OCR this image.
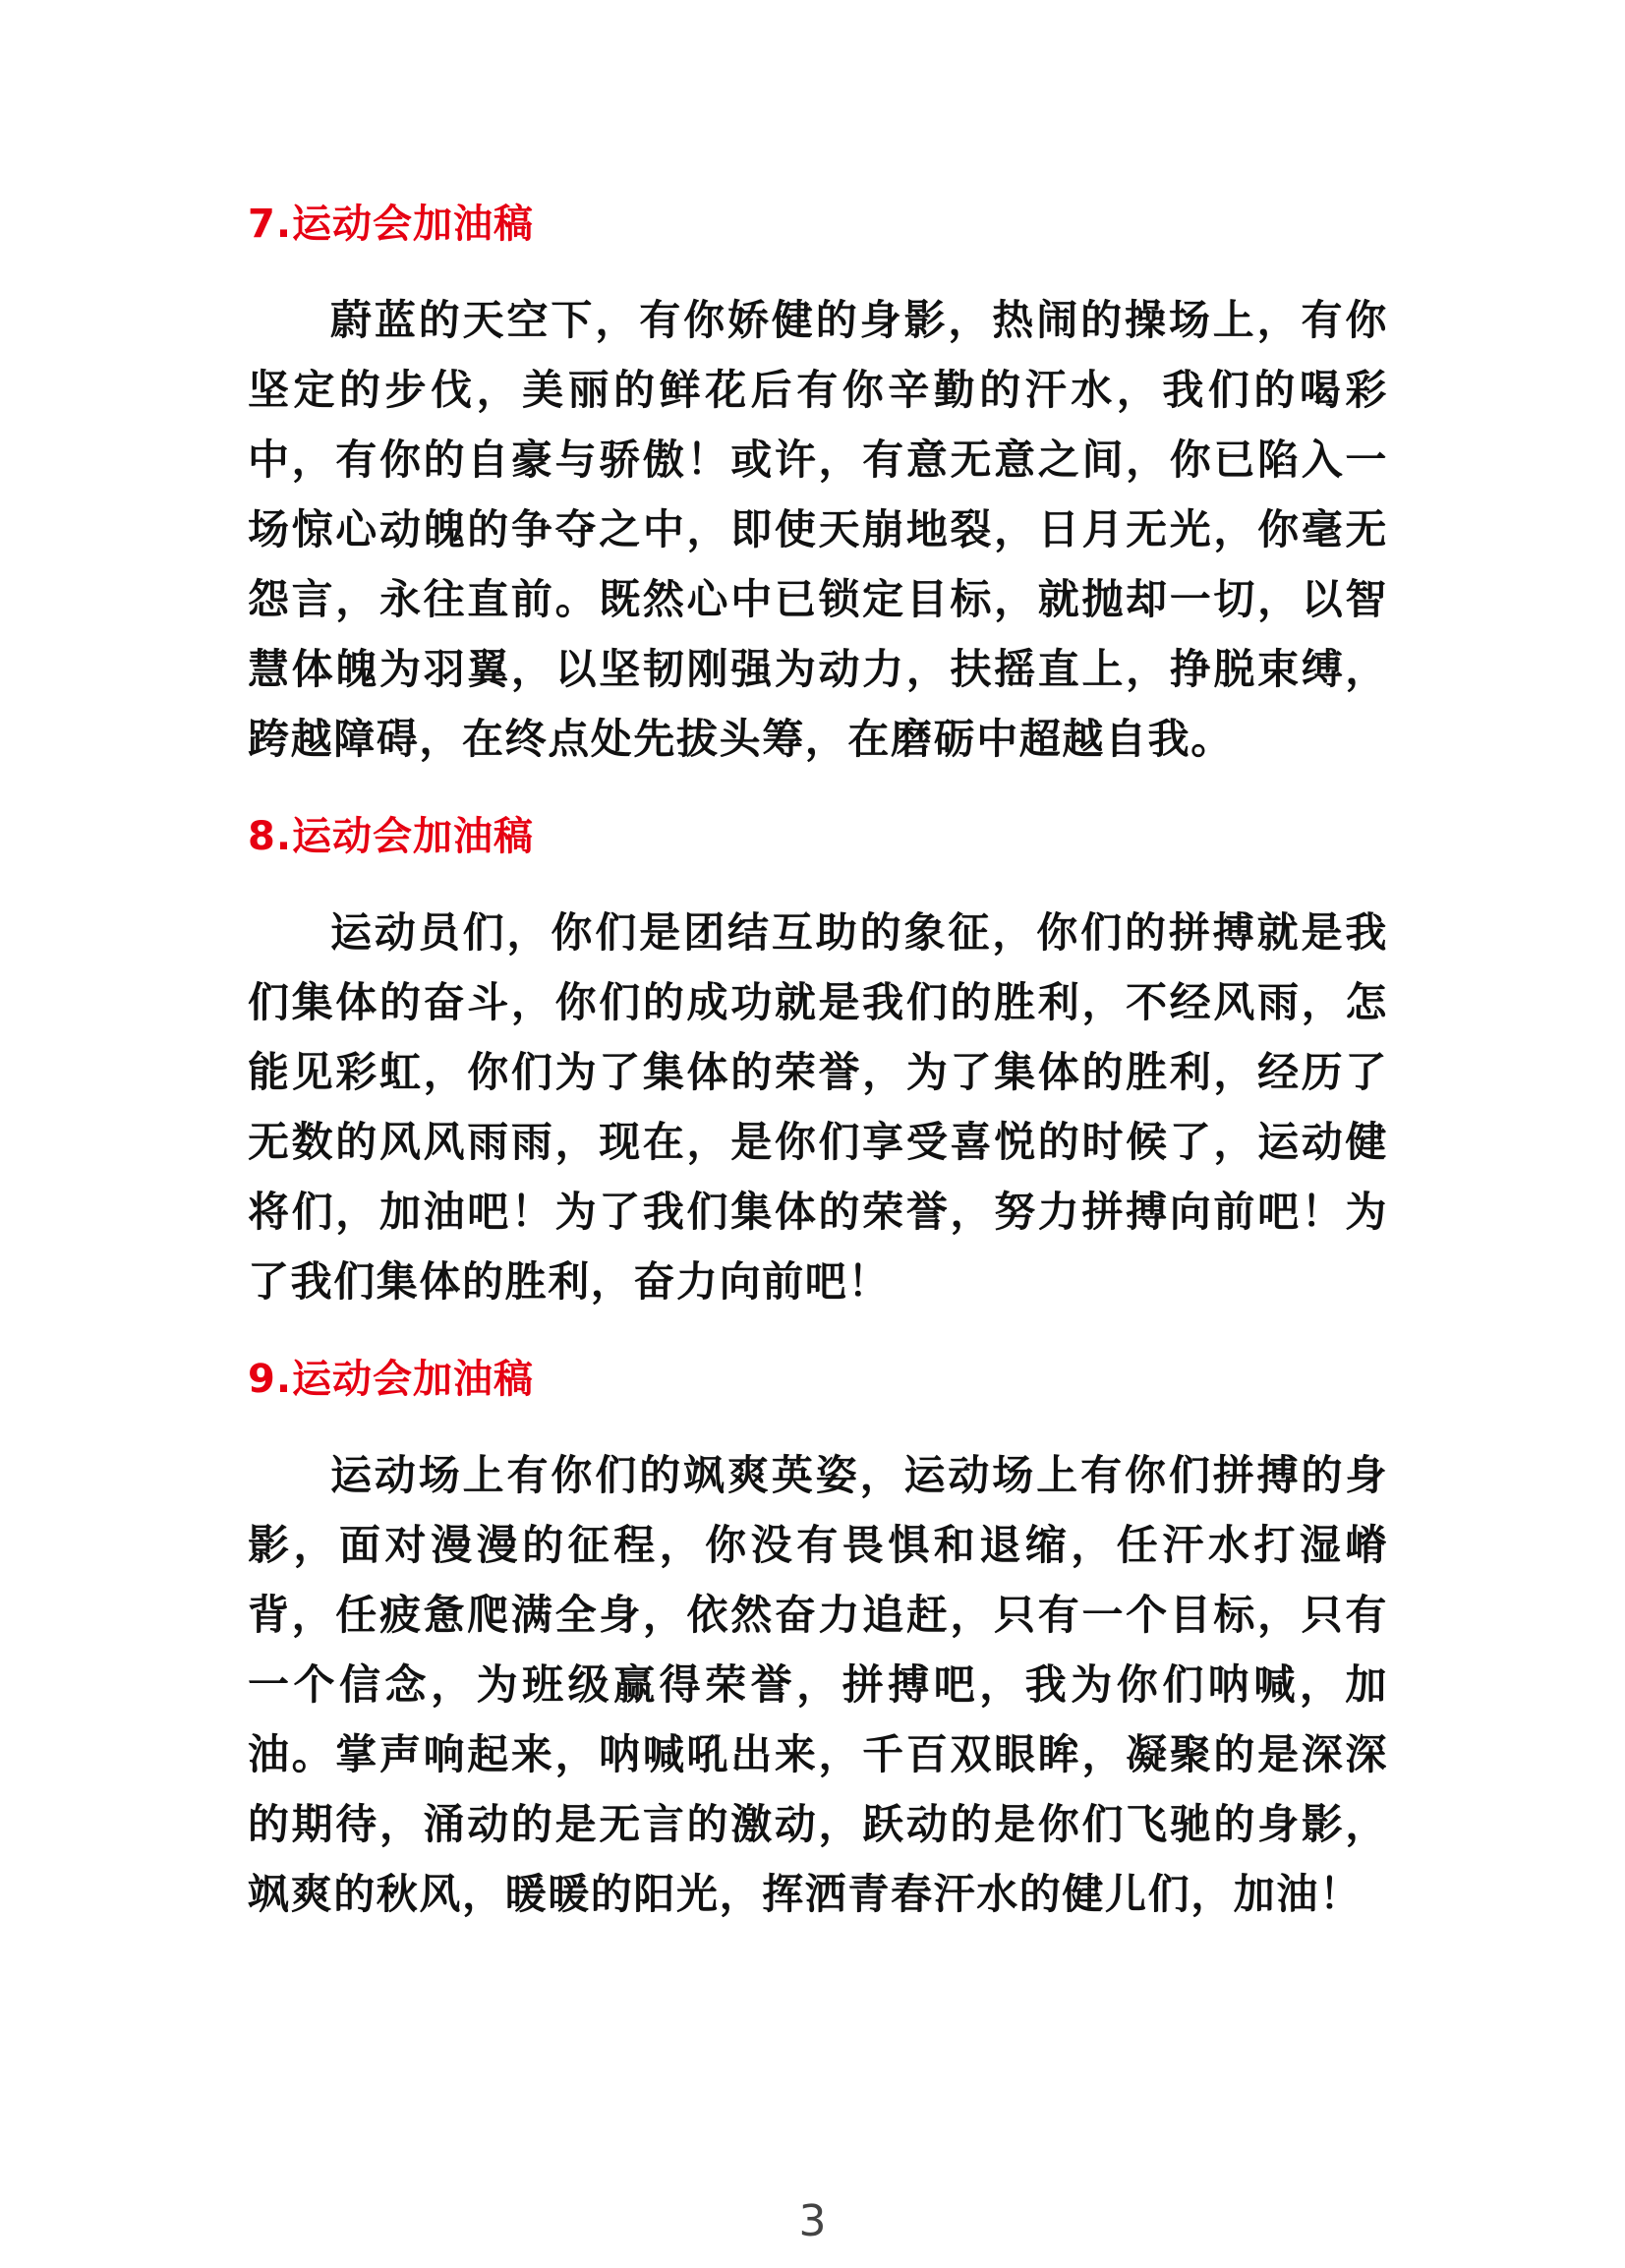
7.运动会加油稿

蔚蓝的天空下，有你娇健的身影，热闹的操场上，有你坚定的步伐，美丽的鲜花后有你辛勤的汗水，我们的喝彩中，有你的自豪与骄傲！或许，有意无意之间，你已陷入一场惊心动魄的争夺之中，即使天崩地裂，日月无光，你毫无怨言，永往直前。既然心中已锁定目标，就抛却一切，以智慧体魄为羽翼，以坚韧刚强为动力，扶摇直上，挣脱束缚，跨越障碍，在终点处先拔头筹，在磨砺中超越自我。

8.运动会加油稿

运动员们，你们是团结互助的象征，你们的拼搏就是我们集体的奋斗，你们的成功就是我们的胜利，不经风雨，怎能见彩虹，你们为了集体的荣誉，为了集体的胜利，经历了无数的风风雨雨，现在，是你们享受喜悦的时候了，运动健将们，加油吧！为了我们集体的荣誉，努力拼搏向前吧！为了我们集体的胜利，奋力向前吧！

9.运动会加油稿

运动场上有你们的飒爽英姿，运动场上有你们拼搏的身影，面对漫漫的征程，你没有畏惧和退缩，任汗水打湿嵴背，任疲惫爬满全身，依然奋力追赶，只有一个目标，只有一个信念，为班级赢得荣誉，拼搏吧，我为你们呐喊，加油。掌声响起来，呐喊吼出来，千百双眼眸，凝聚的是深深的期待，涌动的是无言的激动，跃动的是你们飞驰的身影，飒爽的秋风，暖暖的阳光，挥洒青春汗水的健儿们，加油！

3
